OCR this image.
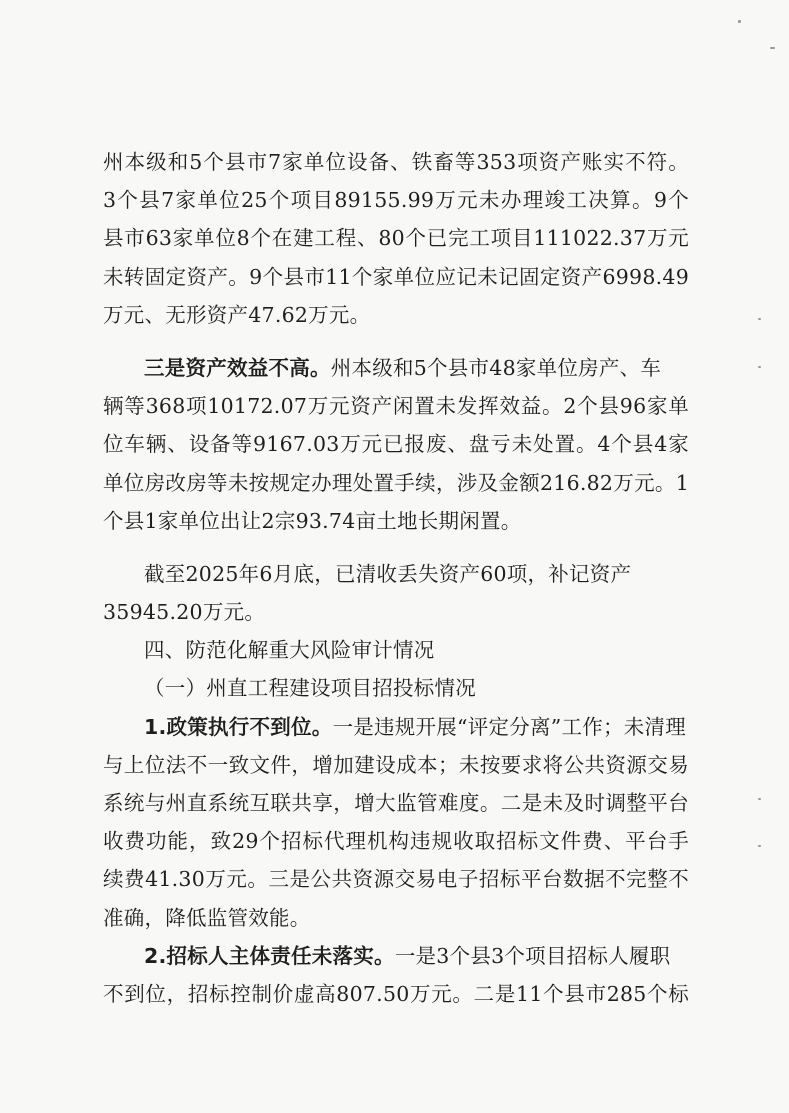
州本级和5个县市7家单位设备、铁畜等353项资产账实不符。
3个县7家单位25个项目89155.99万元未办理竣工决算。9个
县市63家单位8个在建工程、80个已完工项目111022.37万元
未转固定资产。9个县市11个家单位应记未记固定资产6998.49
万元、无形资产47.62万元。
三是资产效益不高。州本级和5个县市48家单位房产、车
辆等368项10172.07万元资产闲置未发挥效益。2个县96家单
位车辆、设备等9167.03万元已报废、盘亏未处置。4个县4家
单位房改房等未按规定办理处置手续，涉及金额216.82万元。1
个县1家单位出让2宗93.74亩土地长期闲置。
截至2025年6月底，已清收丢失资产60项，补记资产
35945.20万元。
四、防范化解重大风险审计情况
（一）州直工程建设项目招投标情况
1.政策执行不到位。一是违规开展“评定分离”工作；未清理
与上位法不一致文件，增加建设成本；未按要求将公共资源交易
系统与州直系统互联共享，增大监管难度。二是未及时调整平台
收费功能，致29个招标代理机构违规收取招标文件费、平台手
续费41.30万元。三是公共资源交易电子招标平台数据不完整不
准确，降低监管效能。
2.招标人主体责任未落实。一是3个县3个项目招标人履职
不到位，招标控制价虚高807.50万元。二是11个县市285个标
